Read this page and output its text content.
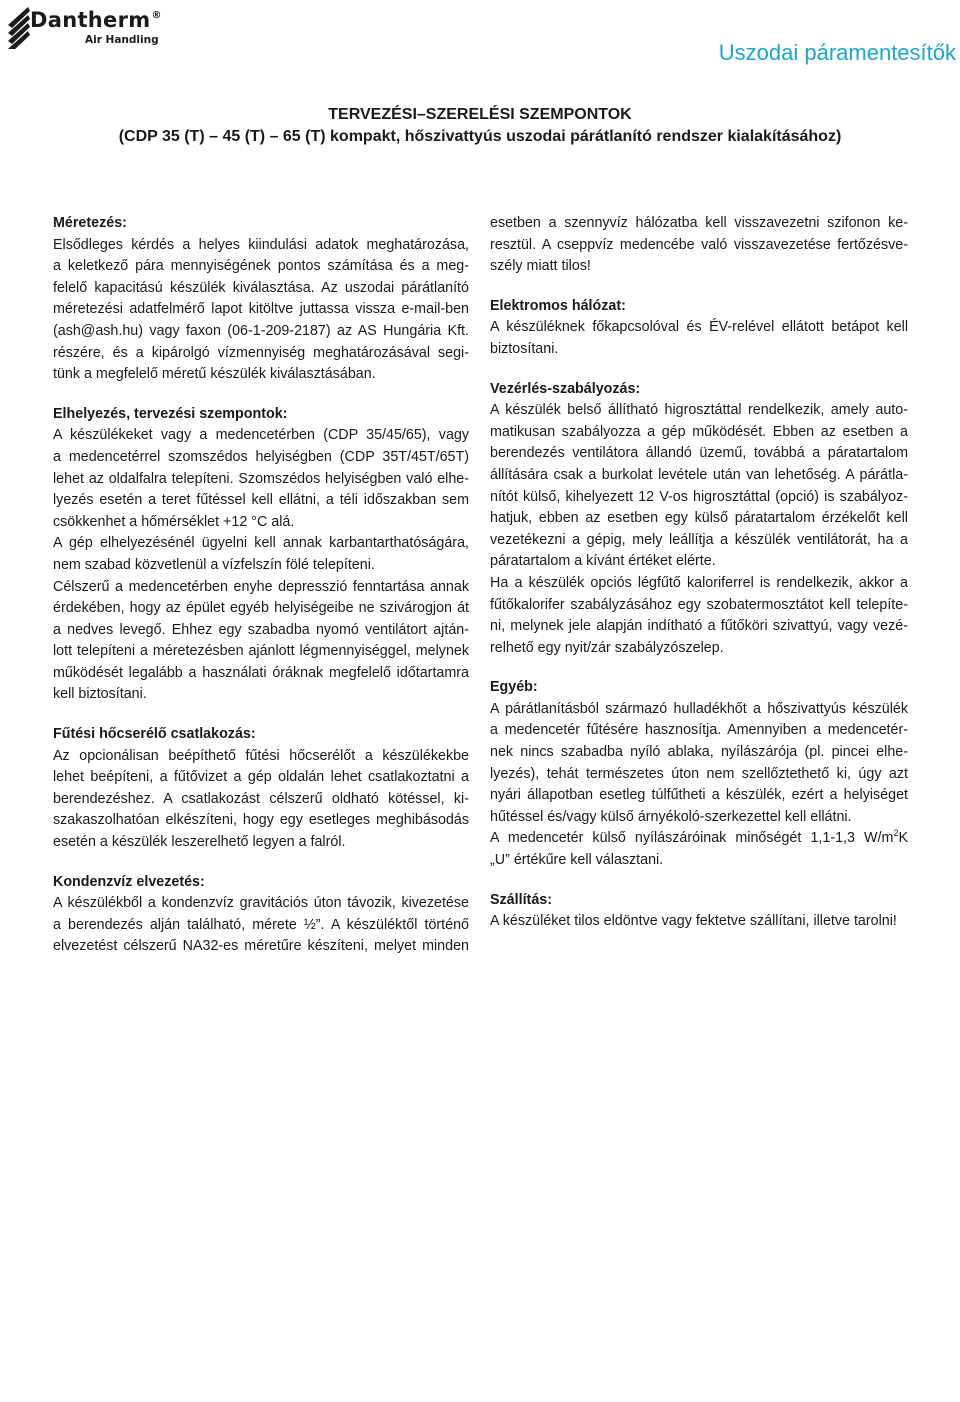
Dantherm®
Air Handling	Uszodai páramentesítők
TERVEZÉSI–SZERELÉSI SZEMPONTOK
(CDP 35 (T) – 45 (T) – 65 (T) kompakt, hőszivattyús uszodai párátlanító rendszer kialakításához)
Méretezés:
Elsődleges kérdés a helyes kiindulási adatok meghatározása,
a keletkező pára mennyiségének pontos számítása és a meg-
felelő kapacitású készülék kiválasztása. Az uszodai párátlanító
méretezési adatfelmérő lapot kitöltve juttassa vissza e-mail-ben
(ash@ash.hu) vagy faxon (06-1-209-2187) az AS Hungária Kft.
részére, és a kipárolgó vízmennyiség meghatározásával segi-
tünk a megfelelő méretű készülék kiválasztásában.
Elhelyezés, tervezési szempontok:
A készülékeket vagy a medencetérben (CDP 35/45/65), vagy
a medencetérrel szomszédos helyiségben (CDP 35T/45T/65T)
lehet az oldalfalra telepíteni. Szomszédos helyiségben való elhe-
lyezés esetén a teret fűtéssel kell ellátni, a téli időszakban sem
csökkenhet a hőmérséklet +12 °C alá.
A gép elhelyezésénél ügyelni kell annak karbantarthatóságára,
nem szabad közvetlenül a vízfelszín fölé telepíteni.
Célszerű a medencetérben enyhe depresszió fenntartása annak
érdekében, hogy az épület egyéb helyiségeibe ne szivárogjon át
a nedves levegő. Ehhez egy szabadba nyomó ventilátort ajtán-
lott telepíteni a méretezésben ajánlott légmennyiséggel, melynek
működését legalább a használati óráknak megfelelő időtartamra
kell biztosítani.
Fűtési hőcserélő csatlakozás:
Az opcionálisan beépíthető fűtési hőcserélőt a készülékekbe
lehet beépíteni, a fűtővizet a gép oldalán lehet csatlakoztatni a
berendezéshez. A csatlakozást célszerű oldható kötéssel, ki-
szakaszolhatóan elkészíteni, hogy egy esetleges meghibásodás
esetén a készülék leszerelhető legyen a falról.
Kondenzvíz elvezetés:
A készülékből a kondenzvíz gravitációs úton távozik, kivezetése
a berendezés alján található, mérete ½”. A készüléktől történő
elvezetést célszerű NA32-es méretűre készíteni, melyet minden
esetben a szennyvíz hálózatba kell visszavezetni szifonon ke-
resztül. A cseppvíz medencébe való visszavezetése fertőzésve-
szély miatt tilos!
Elektromos hálózat:
A készüléknek főkapcsolóval és ÉV-relével ellátott betápot kell
biztosítani.
Vezérlés-szabályozás:
A készülék belső állítható higrosztáttal rendelkezik, amely auto-
matikusan szabályozza a gép működését. Ebben az esetben a
berendezés ventilátora állandó üzemű, továbbá a páratartalom
állítására csak a burkolat levétele után van lehetőség. A párátla-
nítót külső, kihelyezett 12 V-os higrosztáttal (opció) is szabályoz-
hatjuk, ebben az esetben egy külső páratartalom érzékelőt kell
vezetékezni a gépig, mely leállítja a készülék ventilátorát, ha a
páratartalom a kívánt értéket elérte.
Ha a készülék opciós légfűtő kaloriferrel is rendelkezik, akkor a
fűtőkalorifer szabályzásához egy szobatermosztátot kell telepíte-
ni, melynek jele alapján indítható a fűtőköri szivattyú, vagy vezé-
relhető egy nyit/zár szabályzószelep.
Egyéb:
A párátlanításból származó hulladékhőt a hőszivattyús készülék
a medencetér fűtésére hasznosítja. Amennyiben a medencetér-
nek nincs szabadba nyíló ablaka, nyílászárója (pl. pincei elhe-
lyezés), tehát természetes úton nem szellőztethető ki, úgy azt
nyári állapotban esetleg túlfűtheti a készülék, ezért a helyiséget
hűtéssel és/vagy külső árnyékoló-szerkezettel kell ellátni.
A medencetér külső nyílászáróinak minőségét 1,1-1,3 $W/m^2K$
„U” értékűre kell választani.
Szállítás:
A készüléket tilos eldöntve vagy fektetve szállítani, illetve tarolni!
